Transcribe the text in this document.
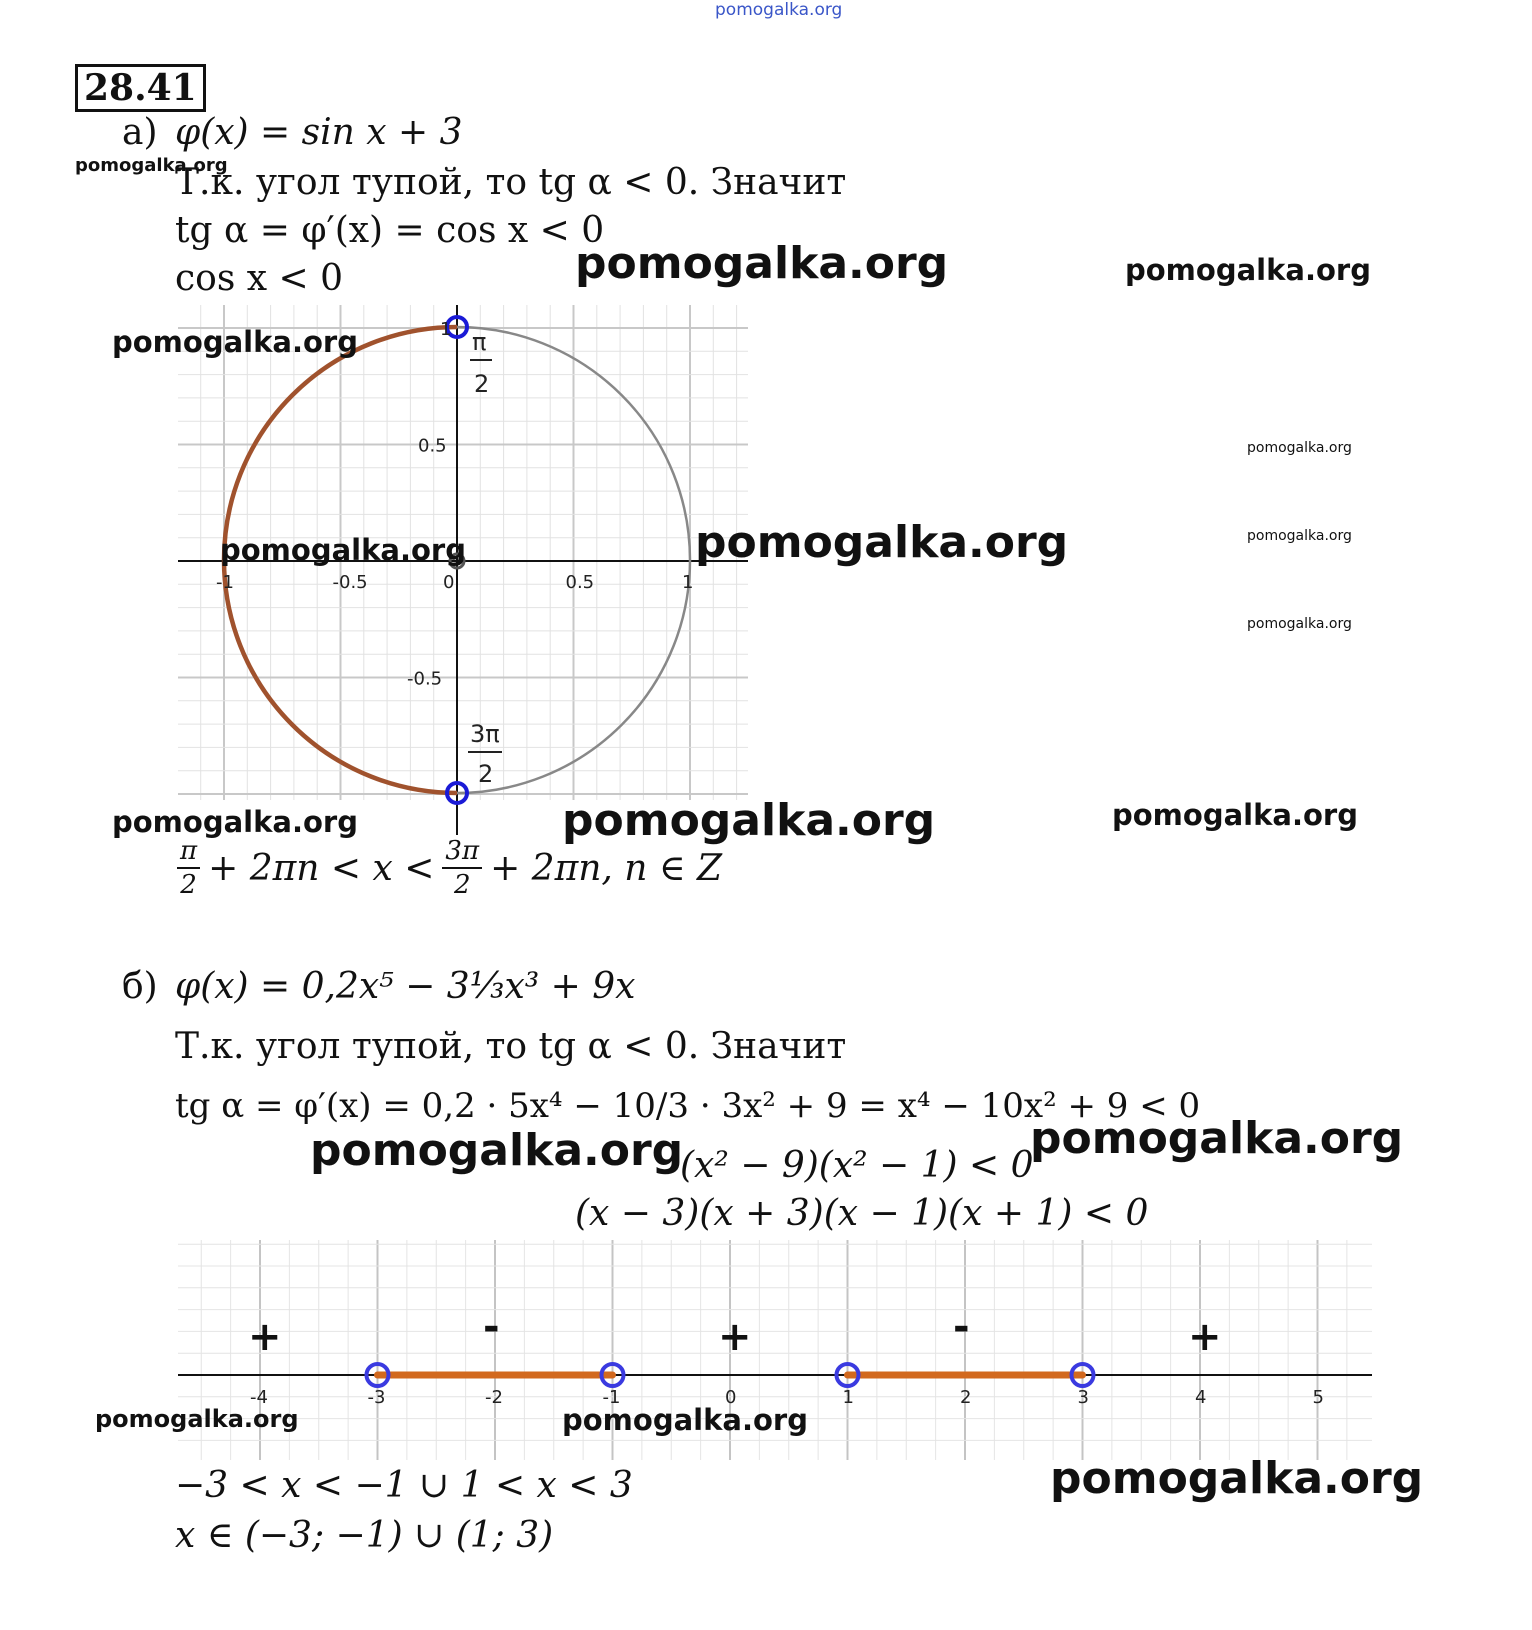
pomogalka.org
28.41
а) φ(x) = sin x + 3
Т.к. угол тупой, то tg α < 0. Значит
tg α = φ′(x) = cos x < 0
cos x < 0
-1	-0.5	0	0.5	1
1
0.5
-0.5
π
2
3π
2
$\frac{\pi}{2} + 2\pi n < x < \frac{3\pi}{2} + 2\pi n$, n ∈ Z
б) φ(x) = 0,2x⁵ − 3⅓x³ + 9x
Т.к. угол тупой, то tg α < 0. Значит
tg α = φ′(x) = 0,2 · 5x⁴ − 10/3 · 3x² + 9 = x⁴ − 10x² + 9 < 0
(x² − 9)(x² − 1) < 0
(x − 3)(x + 3)(x − 1)(x + 1) < 0
-4	-3	-2	-1	0	1	2	3	4	5
+	-	+	-	+
−3 < x < −1 ∪ 1 < x < 3
x ∈ (−3; −1) ∪ (1; 3)
pomogalka.org
pomogalka.org	pomogalka.org
pomogalka.org
pomogalka.org
pomogalka.org	pomogalka.org	pomogalka.org
pomogalka.org
pomogalka.org	pomogalka.org	pomogalka.org
pomogalka.org	pomogalka.org
pomogalka.org	pomogalka.org
pomogalka.org
